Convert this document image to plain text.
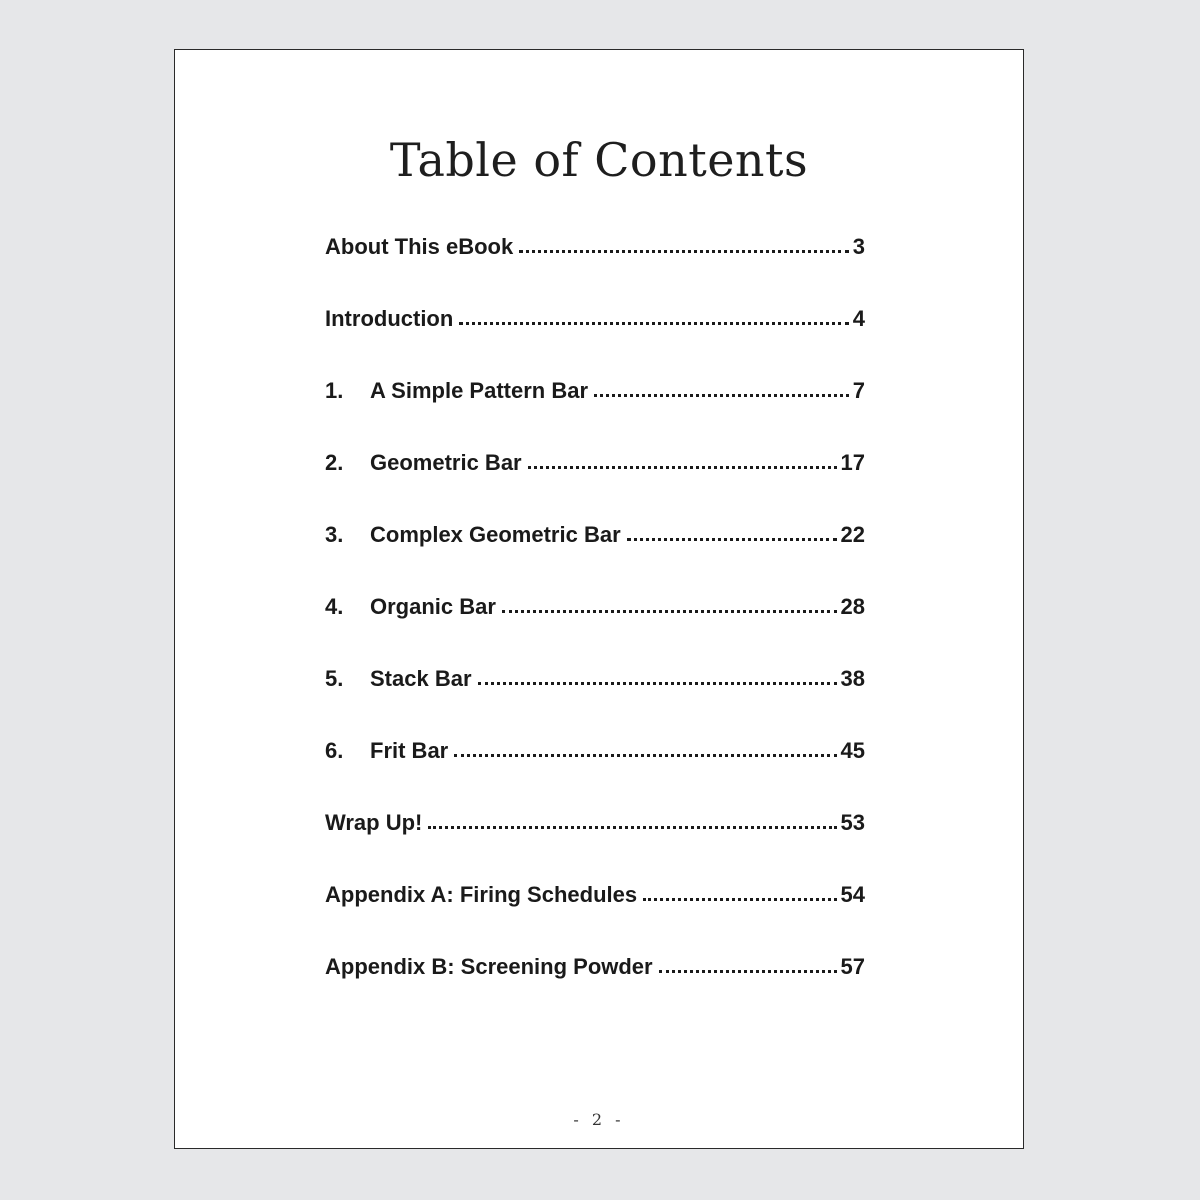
Table of Contents
About This eBook	3
Introduction	4
1.	A Simple Pattern Bar	7
2.	Geometric Bar	17
3.	Complex Geometric Bar	22
4.	Organic Bar	28
5.	Stack Bar	38
6.	Frit Bar	45
Wrap Up!	53
Appendix A: Firing Schedules	54
Appendix B: Screening Powder	57
- 2 -
